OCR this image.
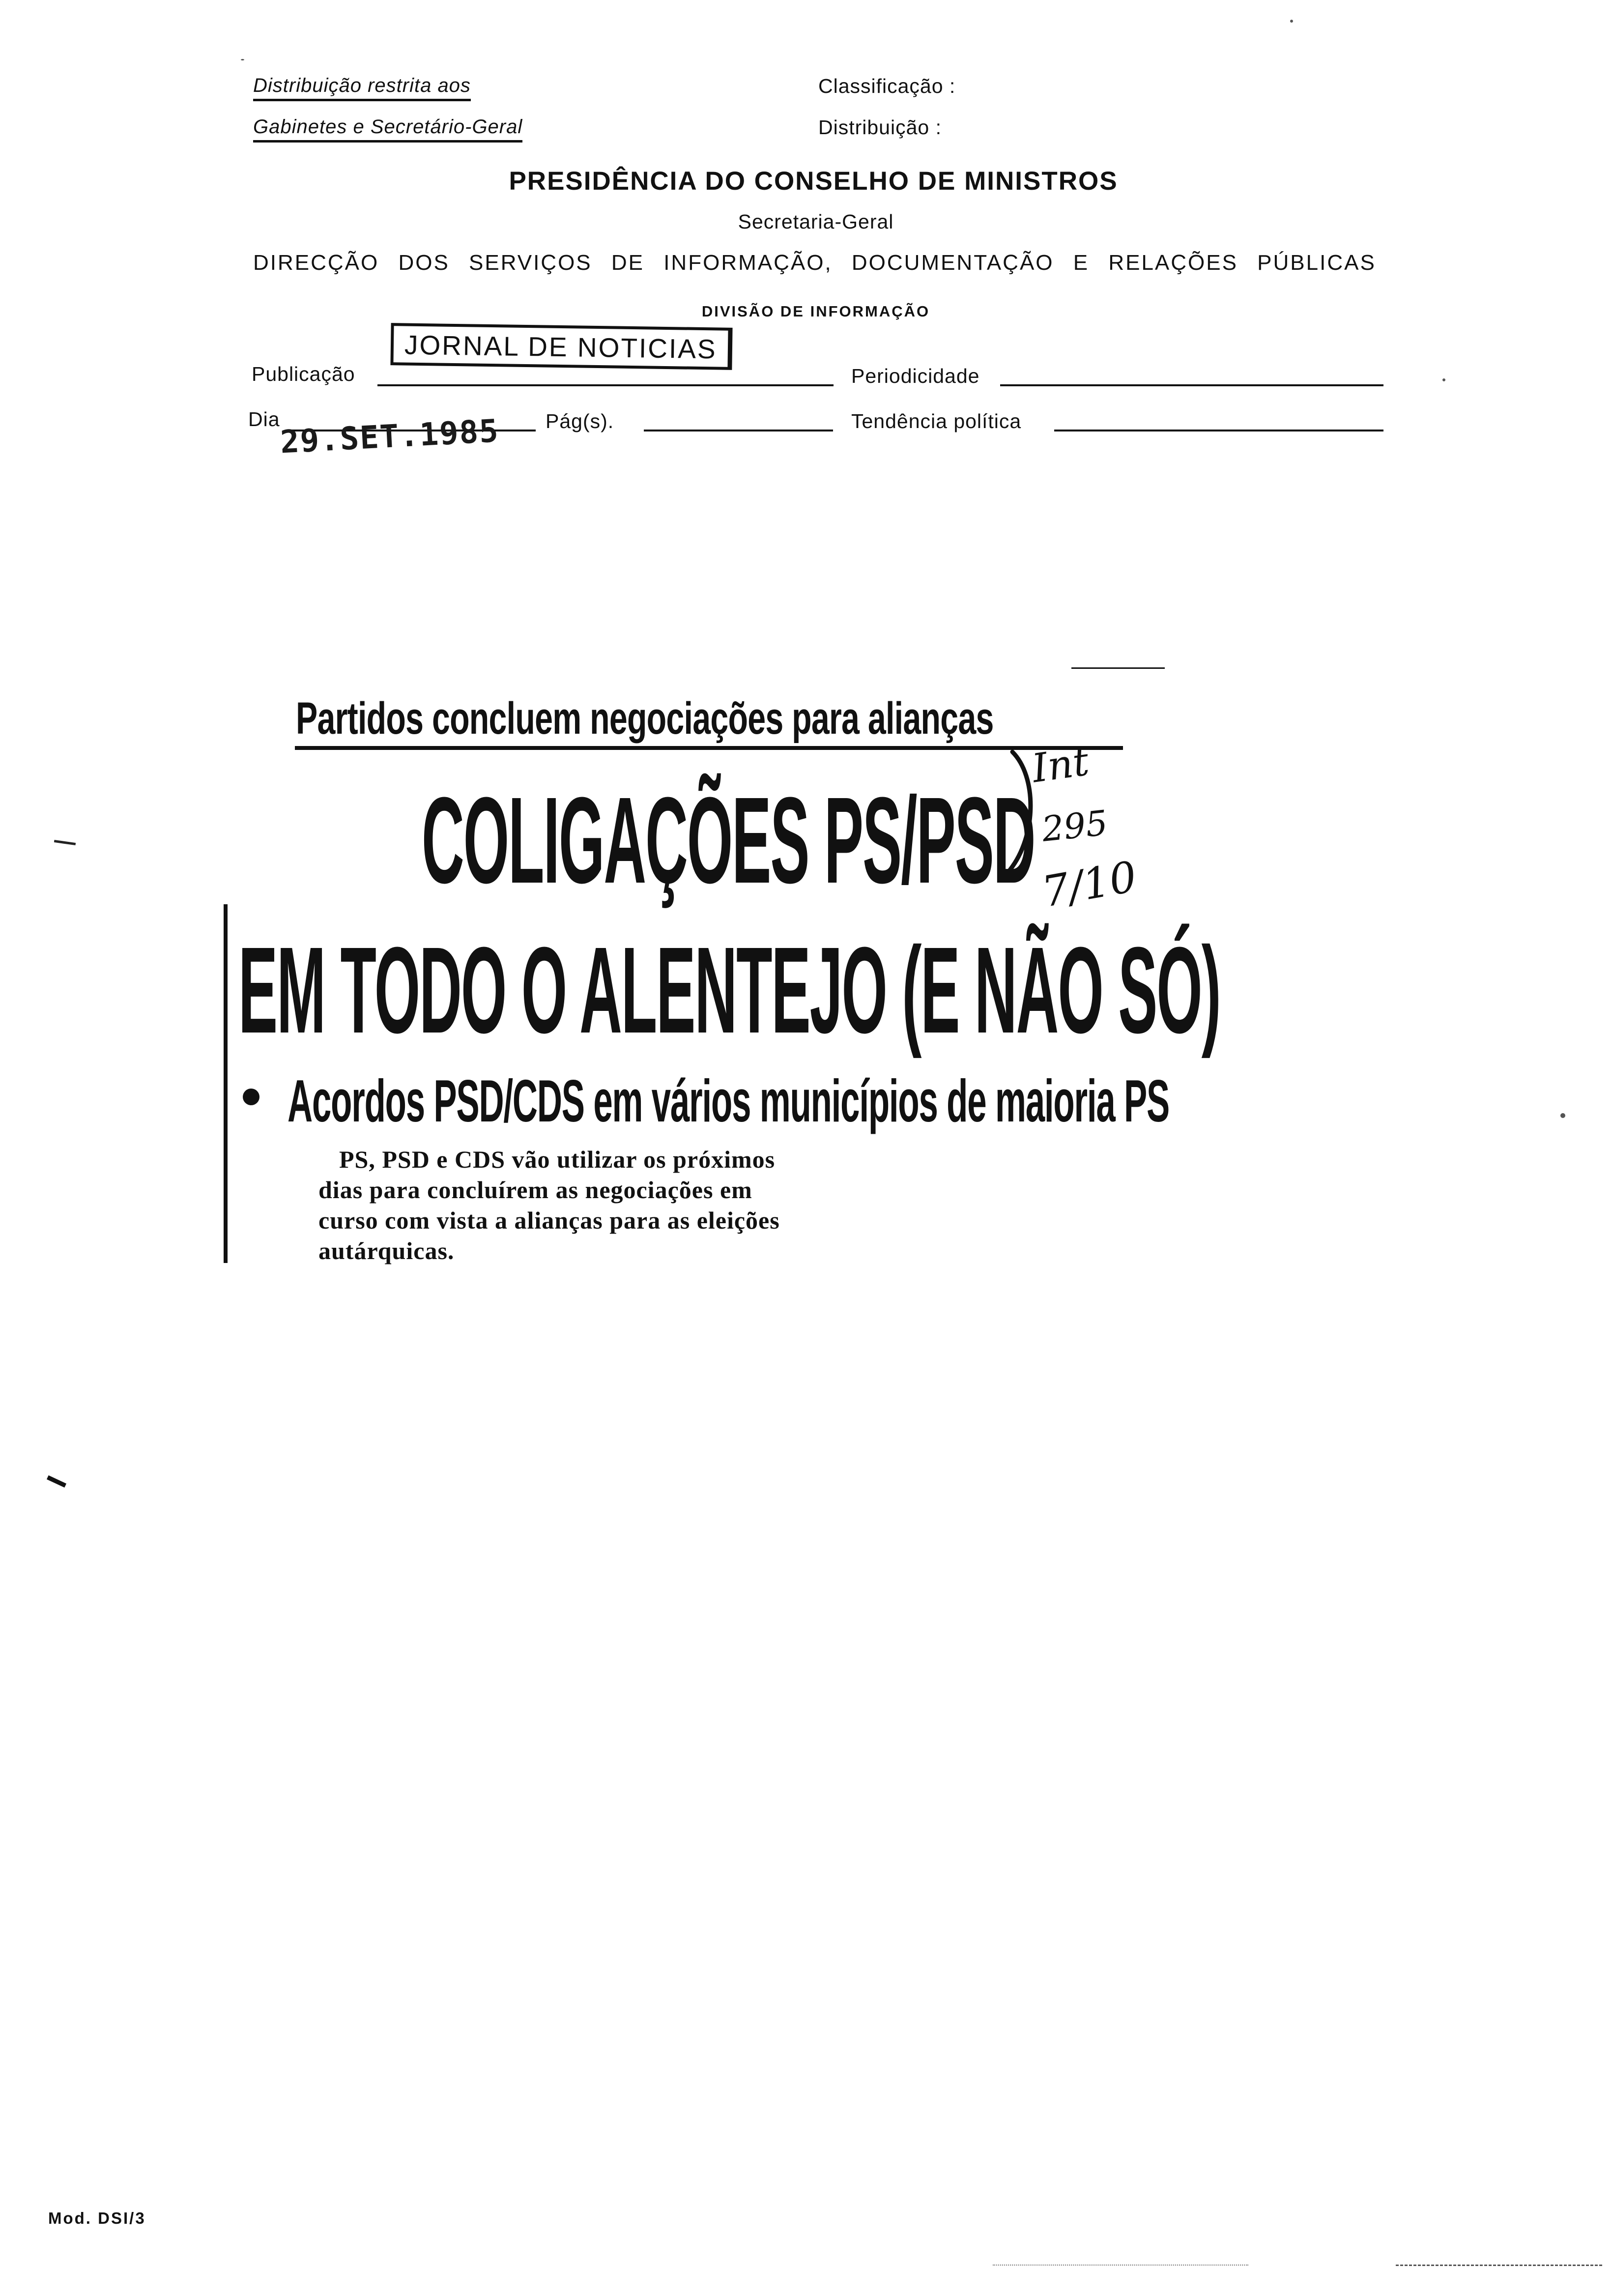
Distribuição restrita aos
Gabinetes e Secretário-Geral
Classificação :
Distribuição :
PRESIDÊNCIA DO CONSELHO DE MINISTROS
Secretaria-Geral
DIRECÇÃO DOS SERVIÇOS DE INFORMAÇÃO, DOCUMENTAÇÃO E RELAÇÕES PÚBLICAS
DIVISÃO DE INFORMAÇÃO
Publicação
JORNAL DE NOTICIAS
Periodicidade
Dia
29.SET.1985 Pág(s).	Tendência política
Partidos concluem negociações para alianças
COLIGAÇÕES PS/PSD
EM TODO O ALENTEJO (E NÃO SÓ)
Acordos PSD/CDS em vários municípios de maioria PS
PS, PSD e CDS vão utilizar os próximos
dias para concluírem as negociações em
curso com vista a alianças para as eleições
autárquicas.
Int
295
7/10
Mod. DSI/3
